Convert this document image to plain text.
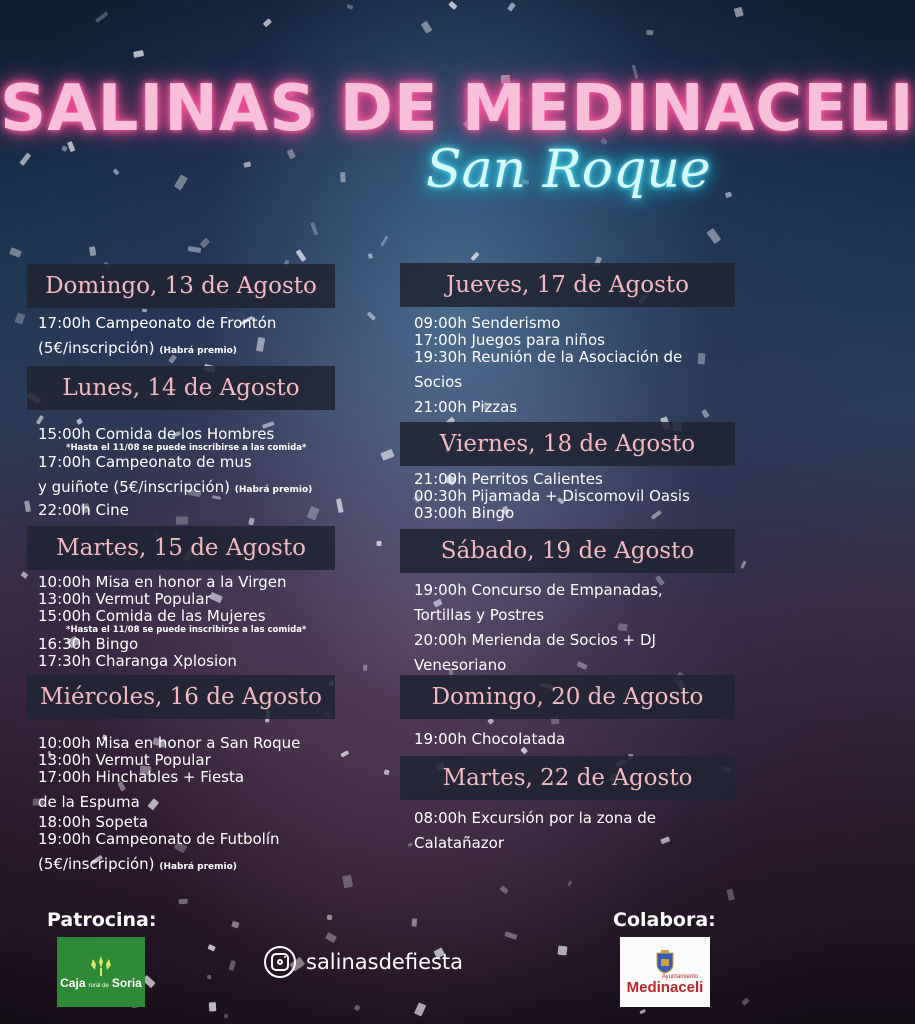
SALINAS DE MEDINACELI
San Roque
Domingo, 13 de Agosto
17:00h Campeonato de Frontón
(5€/inscripción) (Habrá premio)
Lunes, 14 de Agosto
15:00h Comida de los Hombres
*Hasta el 11/08 se puede inscribirse a las comida*
17:00h Campeonato de mus
y guiñote (5€/inscripción) (Habrá premio)
22:00h Cine
Martes, 15 de Agosto
10:00h Misa en honor a la Virgen
13:00h Vermut Popular
15:00h Comida de las Mujeres
*Hasta el 11/08 se puede inscribirse a las comida*
16:30h Bingo
17:30h Charanga Xplosion
Miércoles, 16 de Agosto
10:00h Misa en honor a San Roque
13:00h Vermut Popular
17:00h Hinchables + Fiesta
de la Espuma
18:00h Sopeta
19:00h Campeonato de Futbolín
(5€/inscripción) (Habrá premio)
Jueves, 17 de Agosto
09:00h Senderismo
17:00h Juegos para niños
19:30h Reunión de la Asociación de
Socios
21:00h Pizzas
Viernes, 18 de Agosto
21:00h Perritos Calientes
00:30h Pijamada + Discomovil Oasis
03:00h Bingo
Sábado, 19 de Agosto
19:00h Concurso de Empanadas,
Tortillas y Postres
20:00h Merienda de Socios + DJ
Venesoriano
Domingo, 20 de Agosto
19:00h Chocolatada
Martes, 22 de Agosto
08:00h Excursión por la zona de
Calatañazor
Patrocina:	Colabora:
Caja rural de Soria
salinasdefiesta
Ayuntamiento
Medinaceli
